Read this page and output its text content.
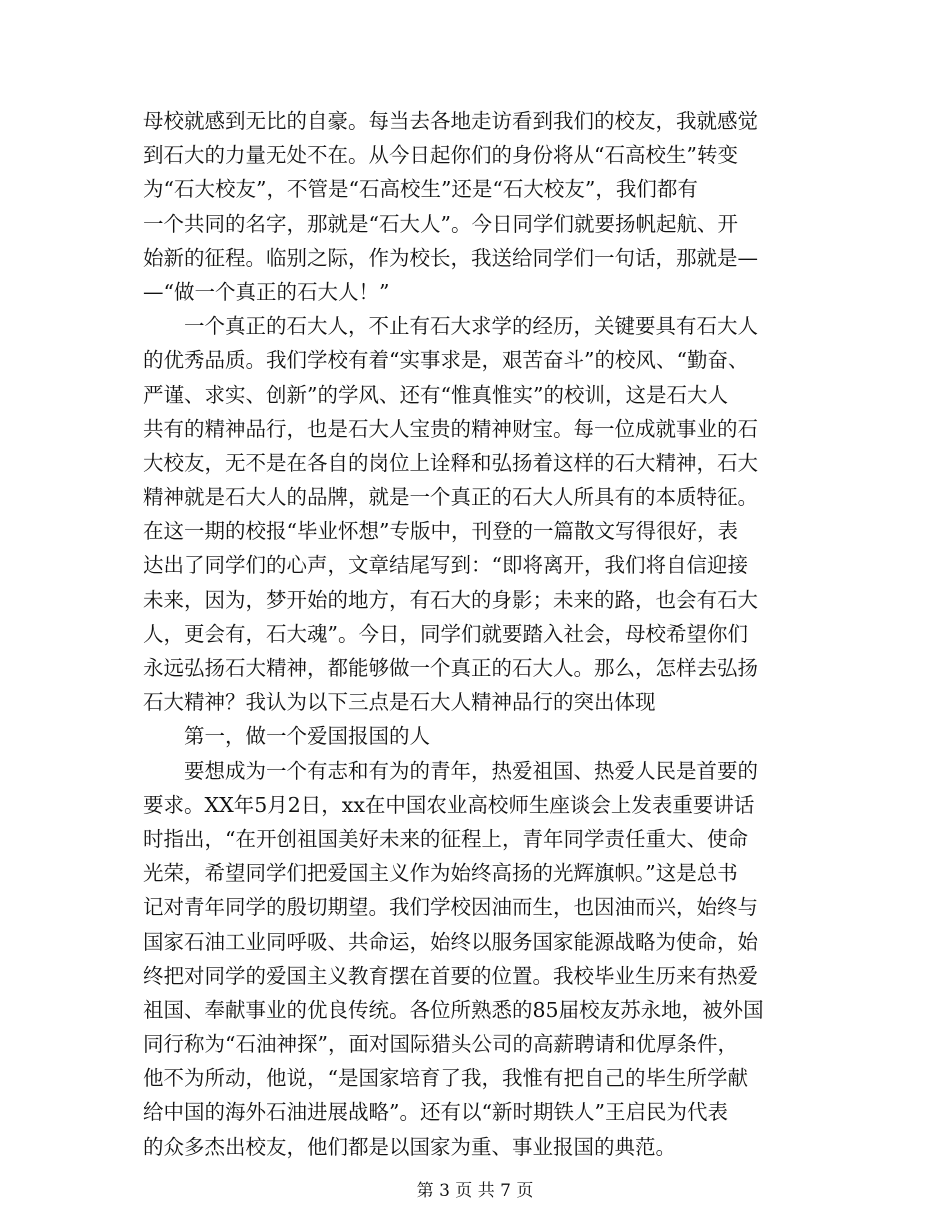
母校就感到无比的自豪。每当去各地走访看到我们的校友，我就感觉
到石大的力量无处不在。从今日起你们的身份将从“石高校生”转变
为“石大校友”，不管是“石高校生”还是“石大校友”，我们都有
一个共同的名字，那就是“石大人”。今日同学们就要扬帆起航、开
始新的征程。临别之际，作为校长，我送给同学们一句话，那就是—
—“做一个真正的石大人！”
一个真正的石大人，不止有石大求学的经历，关键要具有石大人
的优秀品质。我们学校有着“实事求是，艰苦奋斗”的校风、“勤奋、
严谨、求实、创新”的学风、还有“惟真惟实”的校训，这是石大人
共有的精神品行，也是石大人宝贵的精神财宝。每一位成就事业的石
大校友，无不是在各自的岗位上诠释和弘扬着这样的石大精神，石大
精神就是石大人的品牌，就是一个真正的石大人所具有的本质特征。
在这一期的校报“毕业怀想”专版中，刊登的一篇散文写得很好，表
达出了同学们的心声，文章结尾写到：“即将离开，我们将自信迎接
未来，因为，梦开始的地方，有石大的身影；未来的路，也会有石大
人，更会有，石大魂”。今日，同学们就要踏入社会，母校希望你们
永远弘扬石大精神，都能够做一个真正的石大人。那么，怎样去弘扬
石大精神？我认为以下三点是石大人精神品行的突出体现
第一，做一个爱国报国的人
要想成为一个有志和有为的青年，热爱祖国、热爱人民是首要的
要求。XX年5月2日，xx在中国农业高校师生座谈会上发表重要讲话
时指出，“在开创祖国美好未来的征程上，青年同学责任重大、使命
光荣，希望同学们把爱国主义作为始终高扬的光辉旗帜。”这是总书
记对青年同学的殷切期望。我们学校因油而生，也因油而兴，始终与
国家石油工业同呼吸、共命运，始终以服务国家能源战略为使命，始
终把对同学的爱国主义教育摆在首要的位置。我校毕业生历来有热爱
祖国、奉献事业的优良传统。各位所熟悉的85届校友苏永地，被外国
同行称为“石油神探”，面对国际猎头公司的高薪聘请和优厚条件，
他不为所动，他说，“是国家培育了我，我惟有把自己的毕生所学献
给中国的海外石油进展战略”。还有以“新时期铁人”王启民为代表
的众多杰出校友，他们都是以国家为重、事业报国的典范。
第 3 页 共 7 页
